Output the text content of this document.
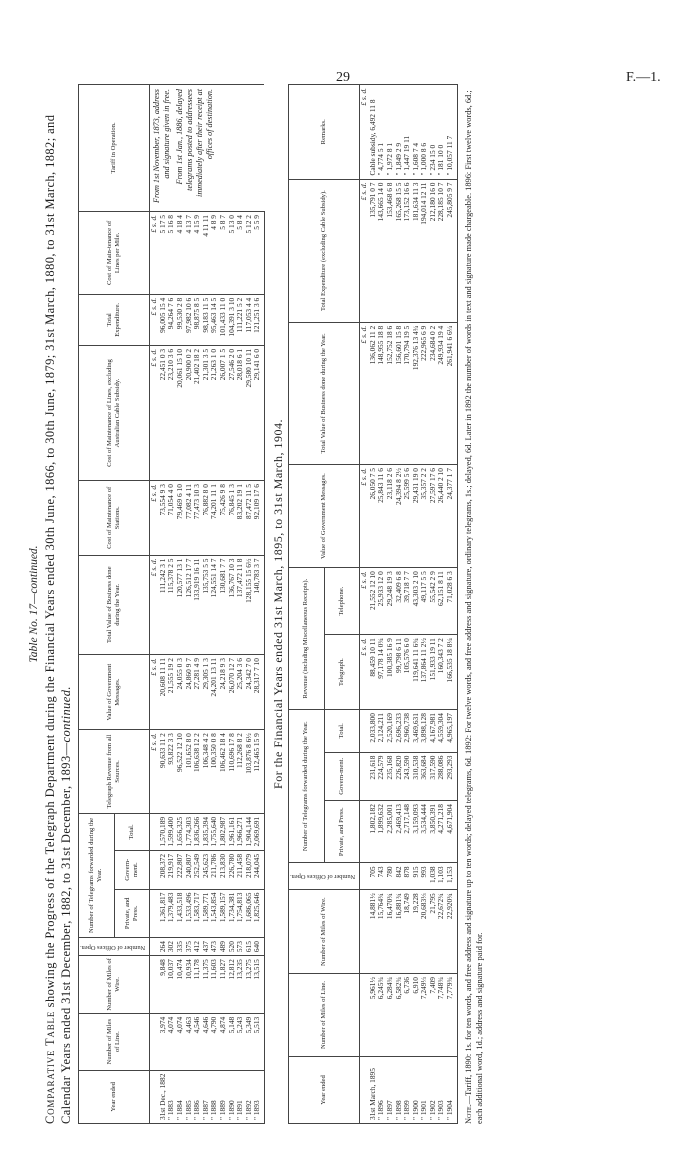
29	F.—1.
Table No. 17—continued.
Comparative Table showing the Progress of the Telegraph Department during the Financial Years ended 30th June, 1866, to 30th June, 1879; 31st March, 1880, to 31st March, 1882; and Calendar Years ended 31st December, 1882, to 31st December, 1893—continued.
Year ended	Number of Miles of Line.	Number of Miles of Wire.	Number of Offices Open.	Number of Telegrams forwarded during the Year.			Telegraph Revenue from all Sources.	Value of Government Messages.	Total Value of Business done during the Year.	Cost of Maintenance of Stations.	Cost of Maintenance of Lines, excluding Australian Cable Subsidy.	Total Expenditure.	Cost of Main-tenance of Lines per Mile.	Tariff in Operation.
				Private, and Press.	Govern-ment.	Total.								
							£ s. d.	£ s. d.	£ s. d.	£ s. d.	£ s. d.	£ s. d.	£ s. d.	From 1st November, 1873, address and signature given in free. From 1st Jan., 1886, delayed telegrams posted to addressees immediately after their receipt at offices of destination.

31st Dec., 1882	3,974	9,848	264	1,361,817	208,372	1,570,189	90,633 11 2	20,608 11 11	111,242 3 1	73,554 9 3	22,451 0 3	96,005 15 4	5 17 5	
" 1883	4,074	10,037	302	1,379,483	219,917	1,599,400	93,822 3 3	21,555 19 2	115,378 2 5	71,054 4 0	23,210 3 6	94,264 7 6	5 16 8	
" 1884	4,074	10,474	335	1,433,518	222,807	1,656,325	96,522 12 10	24,055 0 3	120,577 13 1	79,469 6 10	20,061 15 10	99,530 2 8	4 18 4	
" 1885	4,463	10,934	375	1,533,496	240,807	1,774,303	101,652 8 0	24,860 9 7	126,512 17 7	77,082 4 11	20,900 0 2	97,982 10 6	4 13 7	
" 1886	4,546	11,178	412	1,583,717	252,549	1,836,266	106,638 12 2	27,281 4 9	133,919 16 11	77,473 10 3	21,402 18 2	98,875 8 5	4 15 9	
" 1887	4,646	11,375	437	1,589,771	245,623	1,835,394	106,348 4 2	29,305 1 3	135,753 5 5	76,882 8 0	21,301 3 5	98,183 11 5	4 11 11	
" 1888	4,790	11,603	473	1,543,854	211,786	1,755,640	100,350 0 8	24,201 13 11	124,551 14 7	74,201 11 1	21,263 1 0	95,463 14 5	4 8 9	
" 1889	4,874	11,827	489	1,589,157	213,830	1,802,987	106,462 18 4	24,218 9 3	130,681 7 7	75,426 9 8	26,007 1 5	101,433 11 0	5 8 7	
" 1890	5,148	12,812	520	1,734,381	226,780	1,961,161	110,696 17 8	26,070 12 7	136,767 10 3	76,845 1 3	27,546 2 0	104,391 3 10	5 13 0	
" 1891	5,243	13,235	573	1,754,813	211,458	1,966,271	112,268 8 2	25,204 3 6	137,472 11 8	83,202 19 1	28,018 6 1	111,221 5 2	5 8 4	
" 1892	5,349	13,275	615	1,686,065	218,079	1,904,144	103,876 8 6½	24,342 7 0	128,155 15 6½	87,472 11 5	29,580 10 11	117,053 4 4	5 12 2	
" 1893	5,513	13,515	640	1,825,646	244,045	2,069,691	112,465 15 9	28,317 7 10	140,783 3 7	92,109 17 6	29,141 6 0	121,251 3 6	5 5 9	
For the Financial Years ended 31st March, 1895, to 31st March, 1904.
Year ended	Number of Miles of Line.	Number of Miles of Wire.	Number of Offices Open.	Number of Telegrams forwarded during the Year.			Revenue (including Miscellaneous Receipts).		Value of Government Messages.	Total Value of Business done during the Year.	Total Expenditure (excluding Cable Subsidy).	Remarks.
				Private, and Press.	Govern-ment.	Total.	Telegraph.	Telephone.				
							£ s. d.	£ s. d.	£ s. d.	£ s. d.	£ s. d.	£ s. d.
31st March, 1895	5,961½	14,881½	705	1,802,182	231,618	2,033,800	88,459 10 11	21,552 12 10	26,050 7 5	136,062 11 2	135,791 0 7	Cable subsidy, 6,492 11 8
" 1896	6,245¾	15,764¾	743	1,899,632	224,579	2,124,211	97,178 14 0¾	25,933 12 0	25,843 11 6	148,955 18 8	143,665 14 0	" 4,774 5 1
" 1897	6,284¾	16,470¾	780	2,285,001	235,168	2,520,169	100,385 16 9	29,248 19 3	23,118 2 6	152,752 18 6	153,468 6 8	" 1,972 8 1
" 1898	6,582¾	16,881¾	842	2,469,413	226,820	2,696,233	99,798 6 11	32,409 6 8	24,394 8 2½	156,601 15 8	165,268 15 5	" 1,849 2 9
" 1899	6,736	18,749	878	2,717,148	243,590	2,960,738	105,576 6 0	39,718 7 7	25,599 5 6	170,794 19 5	173,152 16 6	" 1,447 19 11
" 1900	6,910	19,228	915	3,159,093	310,538	3,469,631	119,641 11 6¾	43,303 2 10	29,431 19 0	192,376 13 4¾	181,634 11 3	" 1,608 7 4
" 1901	7,249⅓	20,683⅓	993	3,534,444	363,684	3,898,128	137,864 11 2½	49,117 5 5	35,357 2 2	222,965 6 9	194,014 12 11	" 1,000 8 6
" 1902	7,409	21,795	1,038	3,850,391	317,590	4,167,981	151,933 19 11	55,542 2 9	27,597 17 6	234,684 0 2	212,180 16 0	" 234 15 0
" 1903	7,748¾	22,672¾	1,103	4,271,218	288,086	4,559,304	160,343 7 2	62,151 8 11	26,440 2 10	249,934 19 4	228,185 10 7	" 181 10 0
" 1904	7,779¾	22,920¾	1,153	4,671,904	293,293	4,965,197	166,535 18 8¼	71,028 6 3	24,377 1 7	261,941 6 6¼	245,805 9 7	" 10,057 11 7
Note.—Tariff, 1890: 1s. for ten words, and free address and signature up to ten words; delayed telegrams, 6d. 1892: For twelve words, and free address and signature, ordinary telegrams, 1s.; delayed, 6d. Later in 1892 the number of words in text and signature made chargeable. 1896: First twelve words, 6d.; each additional word, 1d.; address and signature paid for.
